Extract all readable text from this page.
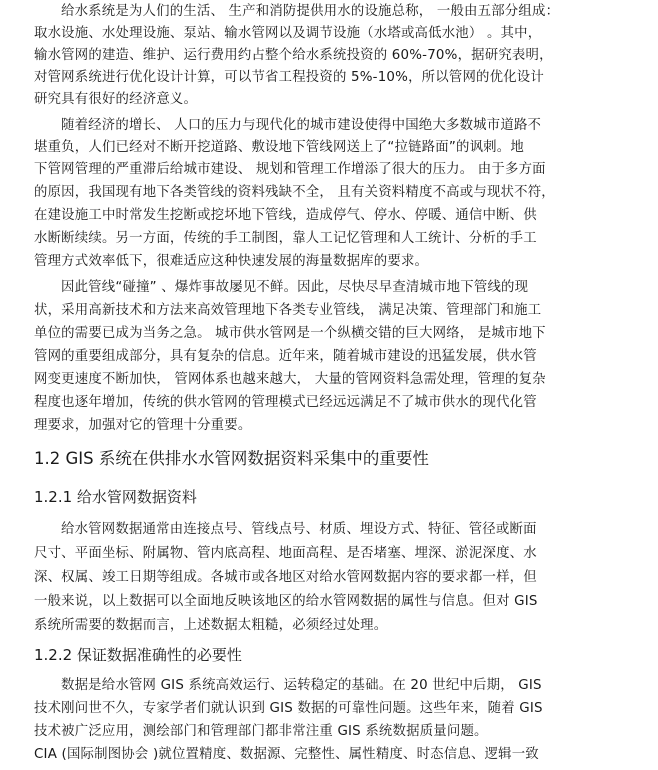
给水系统是为人们的生活、 生产和消防提供用水的设施总称， 一般由五部分组成：
取水设施、水处理设施、泵站、输水管网以及调节设施（水塔或高低水池） 。其中，
输水管网的建造、维护、运行费用约占整个给水系统投资的 60%-70%，据研究表明，
对管网系统进行优化设计计算，可以节省工程投资的 5%-10%，所以管网的优化设计
研究具有很好的经济意义。
随着经济的增长、 人口的压力与现代化的城市建设使得中国绝大多数城市道路不
堪重负，人们已经对不断开挖道路、敷设地下管线网送上了“拉链路面”的讽刺。地
下管网管理的严重滞后给城市建设、 规划和管理工作增添了很大的压力。 由于多方面
的原因，我国现有地下各类管线的资料残缺不全， 且有关资料精度不高或与现状不符，
在建设施工中时常发生挖断或挖坏地下管线，造成停气、停水、停暖、通信中断、供
水断断续续。另一方面，传统的手工制图，靠人工记忆管理和人工统计、分析的手工
管理方式效率低下，很难适应这种快速发展的海量数据库的要求。
因此管线“碰撞” 、爆炸事故屡见不鲜。因此，尽快尽早查清城市地下管线的现
状，采用高新技术和方法来高效管理地下各类专业管线， 满足决策、管理部门和施工
单位的需要已成为当务之急。 城市供水管网是一个纵横交错的巨大网络， 是城市地下
管网的重要组成部分，具有复杂的信息。近年来，随着城市建设的迅猛发展，供水管
网变更速度不断加快， 管网体系也越来越大， 大量的管网资料急需处理，管理的复杂
程度也逐年增加，传统的供水管网的管理模式已经远远满足不了城市供水的现代化管
理要求，加强对它的管理十分重要。
1.2 GIS 系统在供排水水管网数据资料采集中的重要性
1.2.1 给水管网数据资料
给水管网数据通常由连接点号、管线点号、材质、埋设方式、特征、管径或断面
尺寸、平面坐标、附属物、管内底高程、地面高程、是否堵塞、埋深、淤泥深度、水
深、权属、竣工日期等组成。各城市或各地区对给水管网数据内容的要求都一样，但
一般来说，以上数据可以全面地反映该地区的给水管网数据的属性与信息。但对 GIS
系统所需要的数据而言，上述数据太粗糙，必须经过处理。
1.2.2 保证数据准确性的必要性
数据是给水管网 GIS 系统高效运行、运转稳定的基础。在 20 世纪中后期， GIS
技术刚问世不久，专家学者们就认识到 GIS 数据的可靠性问题。这些年来，随着 GIS
技术被广泛应用，测绘部门和管理部门都非常注重 GIS 系统数据质量问题。
CIA (国际制图协会 )就位置精度、数据源、完整性、属性精度、时态信息、逻辑一致
